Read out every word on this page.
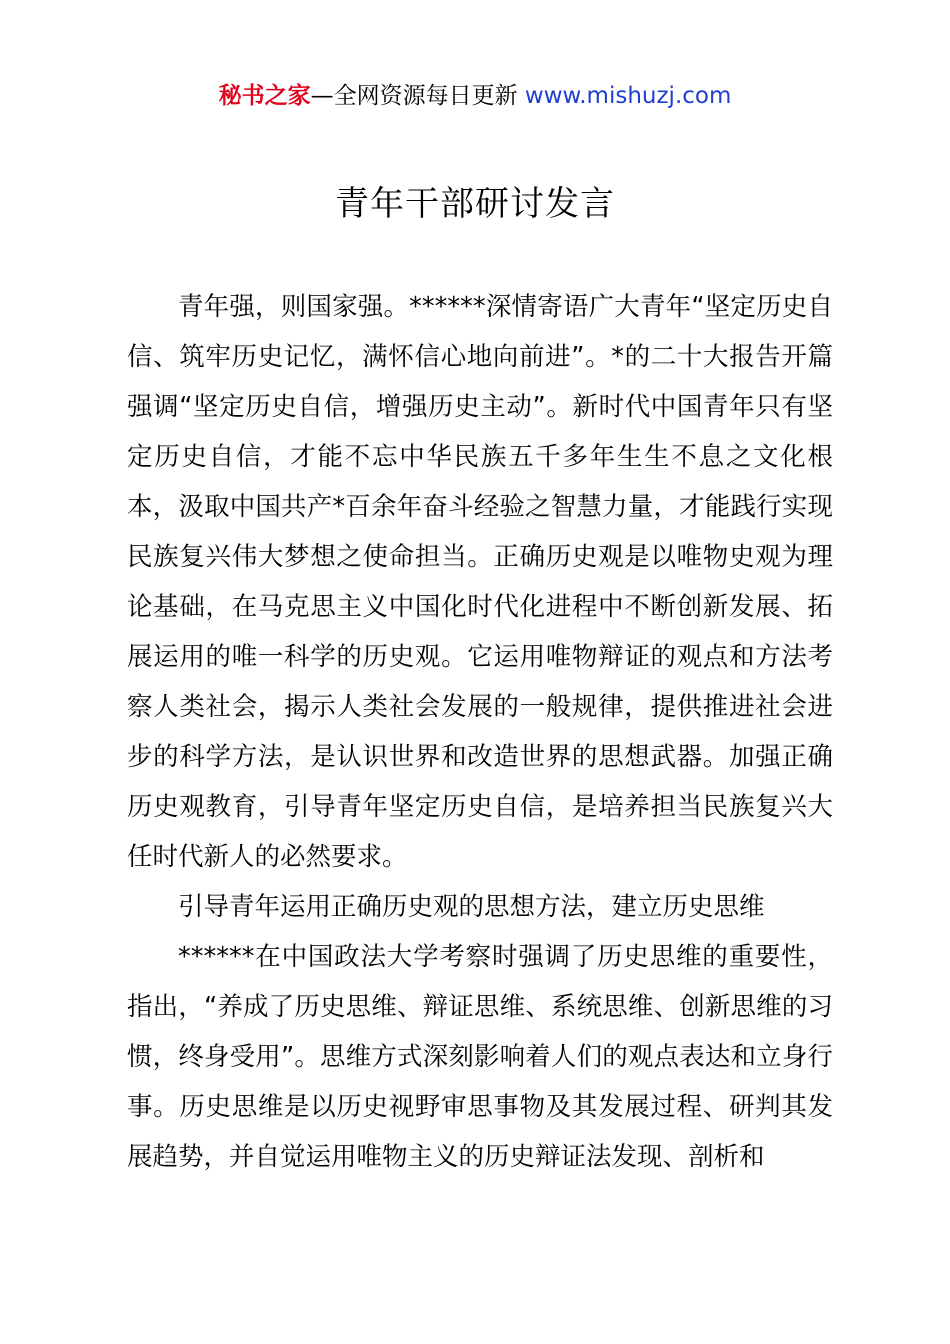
秘书之家—全网资源每日更新 www.mishuzj.com
青年干部研讨发言

青年强，则国家强。******深情寄语广大青年“坚定历史自信、筑牢历史记忆，满怀信心地向前进”。*的二十大报告开篇强调“坚定历史自信，增强历史主动”。新时代中国青年只有坚定历史自信，才能不忘中华民族五千多年生生不息之文化根本，汲取中国共产*百余年奋斗经验之智慧力量，才能践行实现民族复兴伟大梦想之使命担当。正确历史观是以唯物史观为理论基础，在马克思主义中国化时代化进程中不断创新发展、拓展运用的唯一科学的历史观。它运用唯物辩证的观点和方法考察人类社会，揭示人类社会发展的一般规律，提供推进社会进步的科学方法，是认识世界和改造世界的思想武器。加强正确历史观教育，引导青年坚定历史自信，是培养担当民族复兴大任时代新人的必然要求。

引导青年运用正确历史观的思想方法，建立历史思维

******在中国政法大学考察时强调了历史思维的重要性，指出，“养成了历史思维、辩证思维、系统思维、创新思维的习惯，终身受用”。思维方式深刻影响着人们的观点表达和立身行事。历史思维是以历史视野审思事物及其发展过程、研判其发展趋势，并自觉运用唯物主义的历史辩证法发现、剖析和
